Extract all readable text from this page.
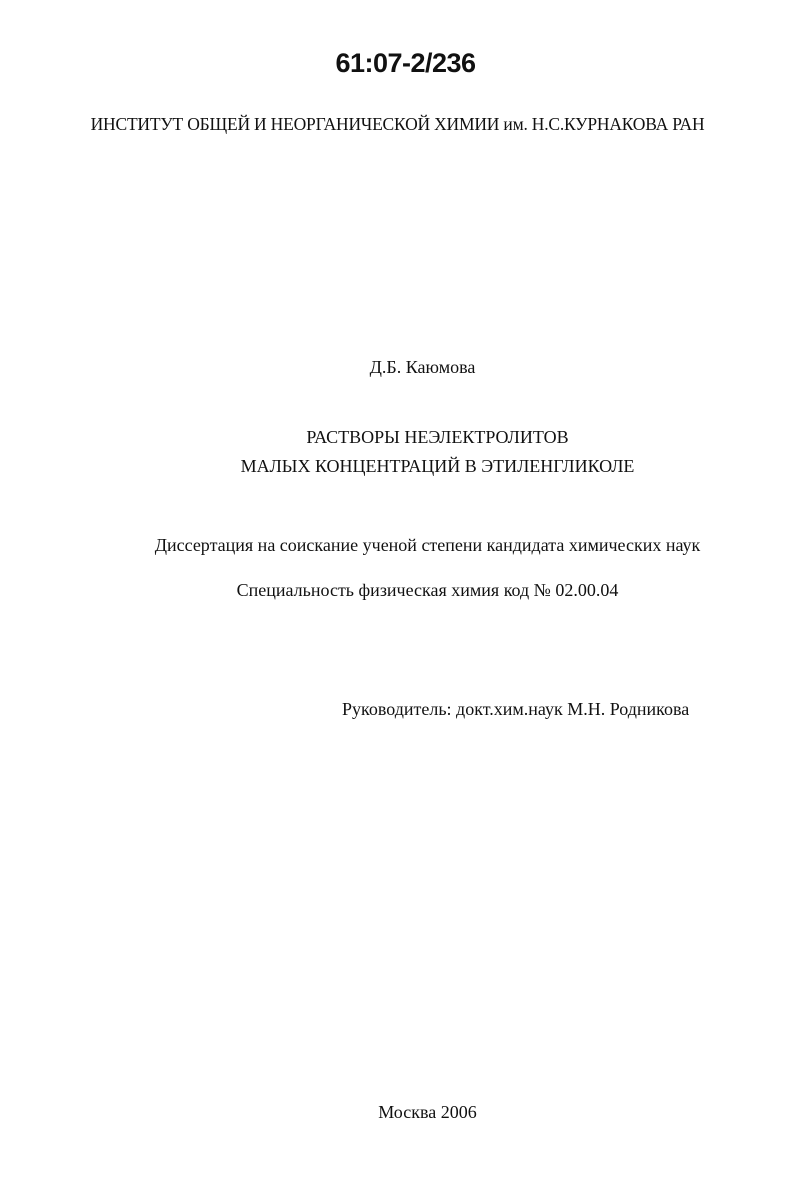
61:07-2/236
ИНСТИТУТ ОБЩЕЙ И НЕОРГАНИЧЕСКОЙ ХИМИИ им. Н.С.КУРНАКОВА РАН
Д.Б. Каюмова
РАСТВОРЫ НЕЭЛЕКТРОЛИТОВ
МАЛЫХ КОНЦЕНТРАЦИЙ В ЭТИЛЕНГЛИКОЛЕ
Диссертация на соискание ученой степени кандидата химических наук
Специальность физическая химия код № 02.00.04
Руководитель: докт.хим.наук М.Н. Родникова
Москва 2006
